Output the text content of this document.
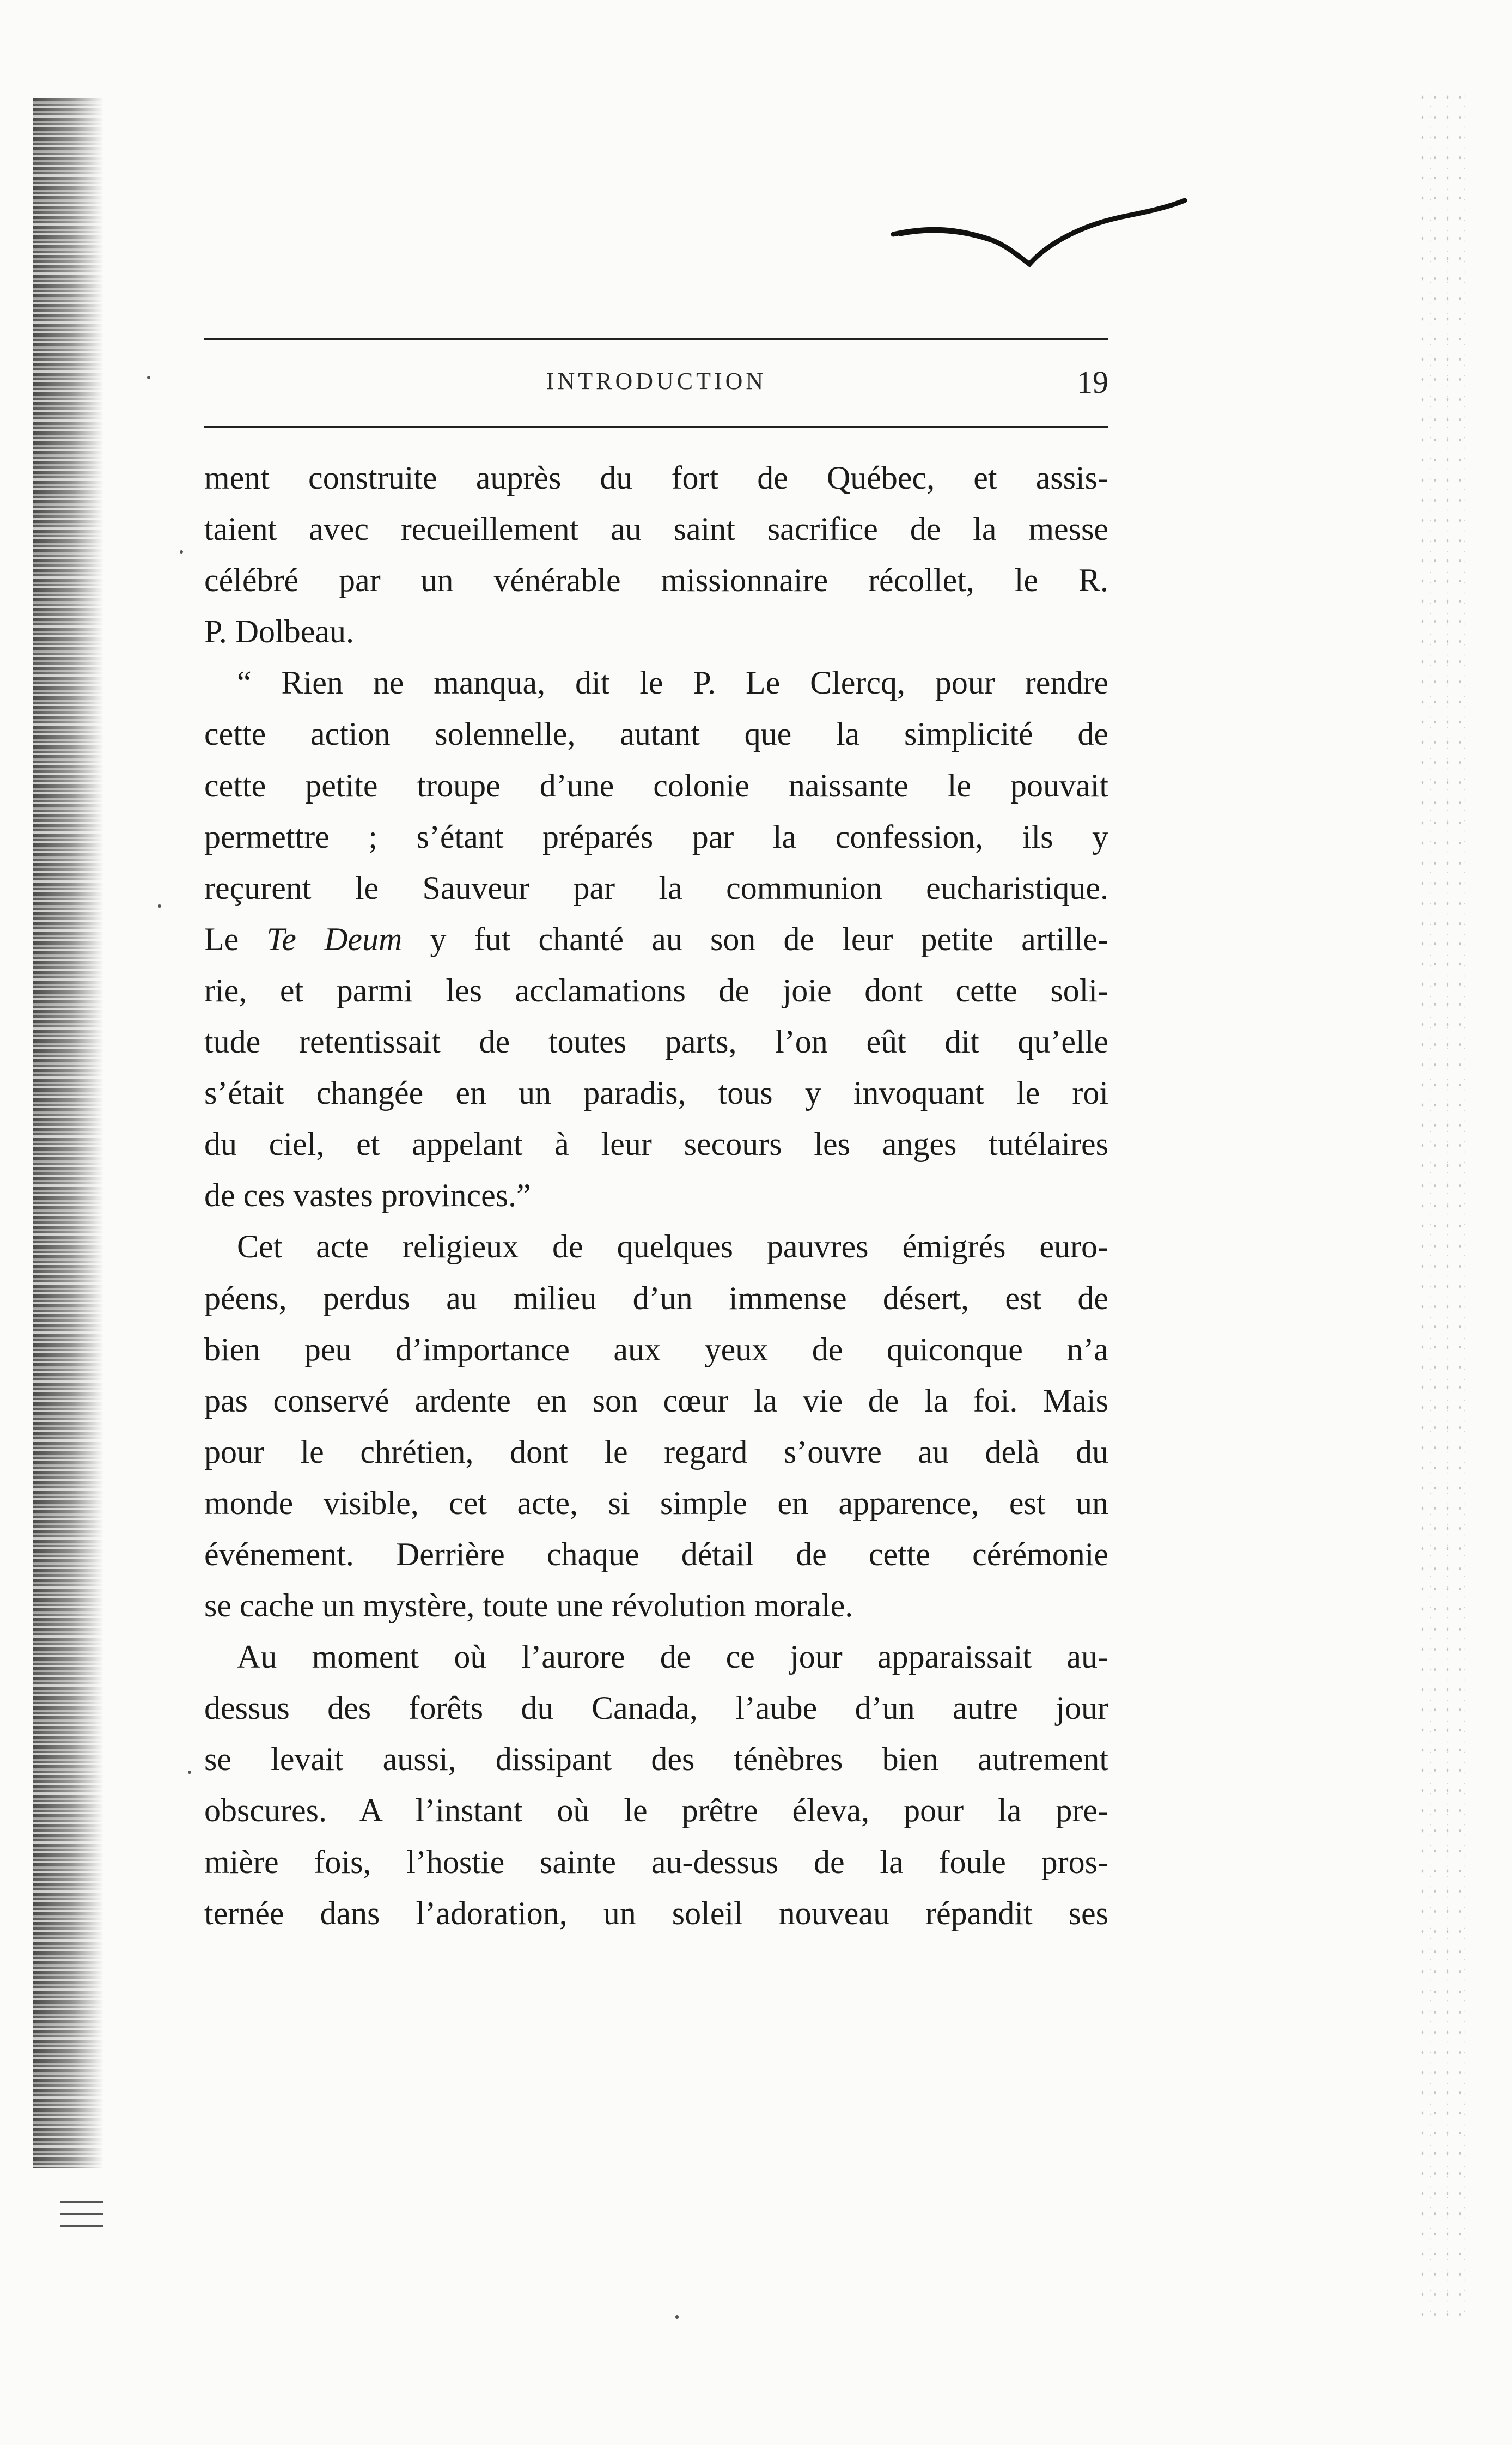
INTRODUCTION	19
ment construite auprès du fort de Québec, et assis-
taient avec recueillement au saint sacrifice de la messe
célébré par un vénérable missionnaire récollet, le R.
P. Dolbeau.
“ Rien ne manqua, dit le P. Le Clercq, pour rendre
cette action solennelle, autant que la simplicité de
cette petite troupe d’une colonie naissante le pouvait
permettre ; s’étant préparés par la confession, ils y
reçurent le Sauveur par la communion eucharistique.
Le Te Deum y fut chanté au son de leur petite artille-
rie, et parmi les acclamations de joie dont cette soli-
tude retentissait de toutes parts, l’on eût dit qu’elle
s’était changée en un paradis, tous y invoquant le roi
du ciel, et appelant à leur secours les anges tutélaires
de ces vastes provinces.”
Cet acte religieux de quelques pauvres émigrés euro-
péens, perdus au milieu d’un immense désert, est de
bien peu d’importance aux yeux de quiconque n’a
pas conservé ardente en son cœur la vie de la foi. Mais
pour le chrétien, dont le regard s’ouvre au delà du
monde visible, cet acte, si simple en apparence, est un
événement. Derrière chaque détail de cette cérémonie
se cache un mystère, toute une révolution morale.
Au moment où l’aurore de ce jour apparaissait au-
dessus des forêts du Canada, l’aube d’un autre jour
se levait aussi, dissipant des ténèbres bien autrement
obscures. A l’instant où le prêtre éleva, pour la pre-
mière fois, l’hostie sainte au-dessus de la foule pros-
ternée dans l’adoration, un soleil nouveau répandit ses
